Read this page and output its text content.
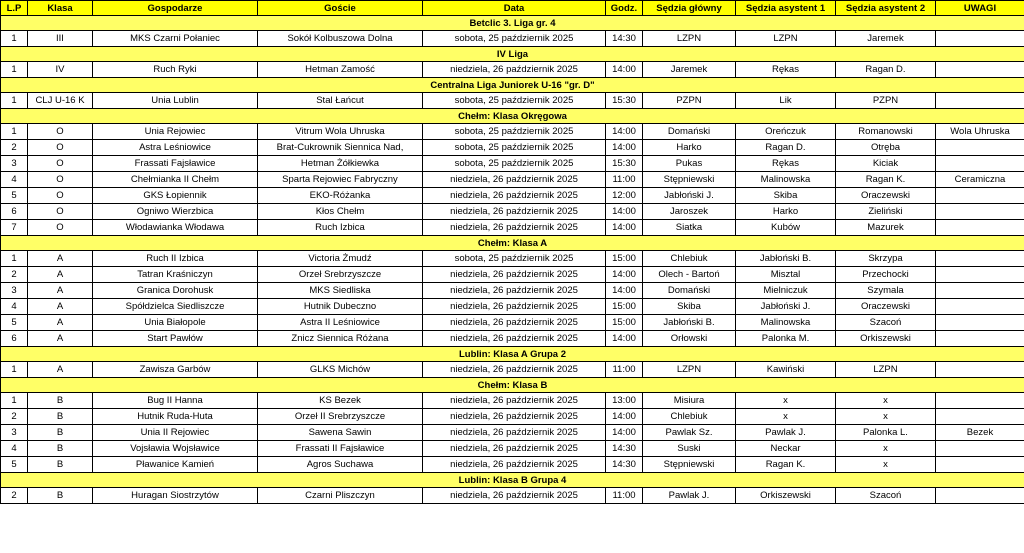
L.P	Klasa	Gospodarze	Goście	Data	Godz.	Sędzia główny	Sędzia asystent 1	Sędzia asystent 2	UWAGI
Betclic 3. Liga gr. 4									
1	III	MKS Czarni Połaniec	Sokół Kolbuszowa Dolna	sobota, 25 październik 2025	14:30	LZPN	LZPN	Jaremek	
IV Liga									
1	IV	Ruch Ryki	Hetman Zamość	niedziela, 26 październik 2025	14:00	Jaremek	Rękas	Ragan D.	
Centralna Liga Juniorek U-16 "gr. D"									
1	CLJ U-16 K	Unia Lublin	Stal Łańcut	sobota, 25 październik 2025	15:30	PZPN	Lik	PZPN	
Chełm: Klasa Okręgowa									
1	O	Unia Rejowiec	Vitrum Wola Uhruska	sobota, 25 październik 2025	14:00	Domański	Oreńczuk	Romanowski	Wola Uhruska
2	O	Astra Leśniowice	Brat-Cukrownik Siennica Nad,	sobota, 25 październik 2025	14:00	Harko	Ragan D.	Otręba	
3	O	Frassati Fajsławice	Hetman Żółkiewka	sobota, 25 październik 2025	15:30	Pukas	Rękas	Kiciak	
4	O	Chełmianka II Chełm	Sparta Rejowiec Fabryczny	niedziela, 26 październik 2025	11:00	Stępniewski	Malinowska	Ragan K.	Ceramiczna
5	O	GKS Łopiennik	EKO-Różanka	niedziela, 26 październik 2025	12:00	Jabłoński J.	Skiba	Oraczewski	
6	O	Ogniwo Wierzbica	Kłos Chełm	niedziela, 26 październik 2025	14:00	Jaroszek	Harko	Zieliński	
7	O	Włodawianka Włodawa	Ruch Izbica	niedziela, 26 październik 2025	14:00	Siatka	Kubów	Mazurek	
Chełm: Klasa A									
1	A	Ruch II Izbica	Victoria Żmudź	sobota, 25 październik 2025	15:00	Chlebiuk	Jabłoński B.	Skrzypa	
2	A	Tatran Kraśniczyn	Orzeł Srebrzyszcze	niedziela, 26 październik 2025	14:00	Olech - Bartoń	Misztal	Przechocki	
3	A	Granica Dorohusk	MKS Siedliska	niedziela, 26 październik 2025	14:00	Domański	Mielniczuk	Szymala	
4	A	Spółdzielca Siedliszcze	Hutnik Dubeczno	niedziela, 26 październik 2025	15:00	Skiba	Jabłoński J.	Oraczewski	
5	A	Unia Białopole	Astra II Leśniowice	niedziela, 26 październik 2025	15:00	Jabłoński B.	Malinowska	Szacoń	
6	A	Start Pawłów	Znicz Siennica Różana	niedziela, 26 październik 2025	14:00	Orłowski	Palonka M.	Orkiszewski	
Lublin: Klasa A Grupa 2									
1	A	Zawisza Garbów	GLKS Michów	niedziela, 26 październik 2025	11:00	LZPN	Kawiński	LZPN	
Chełm: Klasa B									
1	B	Bug II Hanna	KS Bezek	niedziela, 26 październik 2025	13:00	Misiura	x	x	
2	B	Hutnik Ruda-Huta	Orzeł II Srebrzyszcze	niedziela, 26 październik 2025	14:00	Chlebiuk	x	x	
3	B	Unia II Rejowiec	Sawena Sawin	niedziela, 26 październik 2025	14:00	Pawlak Sz.	Pawlak J.	Palonka L.	Bezek
4	B	Vojsławia Wojsławice	Frassati II Fajsławice	niedziela, 26 październik 2025	14:30	Suski	Neckar	x	
5	B	Pławanice Kamień	Agros Suchawa	niedziela, 26 październik 2025	14:30	Stępniewski	Ragan K.	x	
Lublin: Klasa B Grupa 4									
2	B	Huragan Siostrzytów	Czarni Pliszczyn	niedziela, 26 październik 2025	11:00	Pawlak J.	Orkiszewski	Szacoń	
